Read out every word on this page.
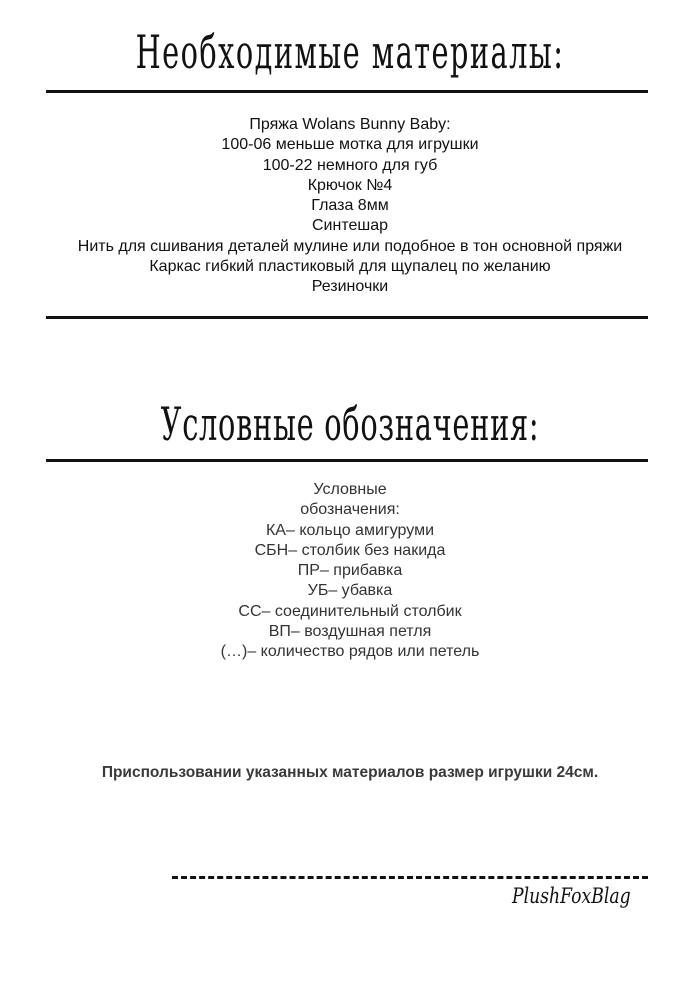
Необходимые материалы:
Пряжа Wolans Bunny Baby:
100-06 меньше мотка для игрушки
100-22 немного для губ
Крючок №4
Глаза 8мм
Синтешар
Нить для сшивания деталей мулине или подобное в тон основной пряжи
Каркас гибкий пластиковый для щупалец по желанию
Резиночки
Условные обозначения:
Условные
обозначения:
КА– кольцо амигуруми
СБН– столбик без накида
ПР– прибавка
УБ– убавка
СС– соединительный столбик
ВП– воздушная петля
(…)– количество рядов или петель

Приспользовании указанных материалов размер игрушки 24см.

PlushFoxBlag
